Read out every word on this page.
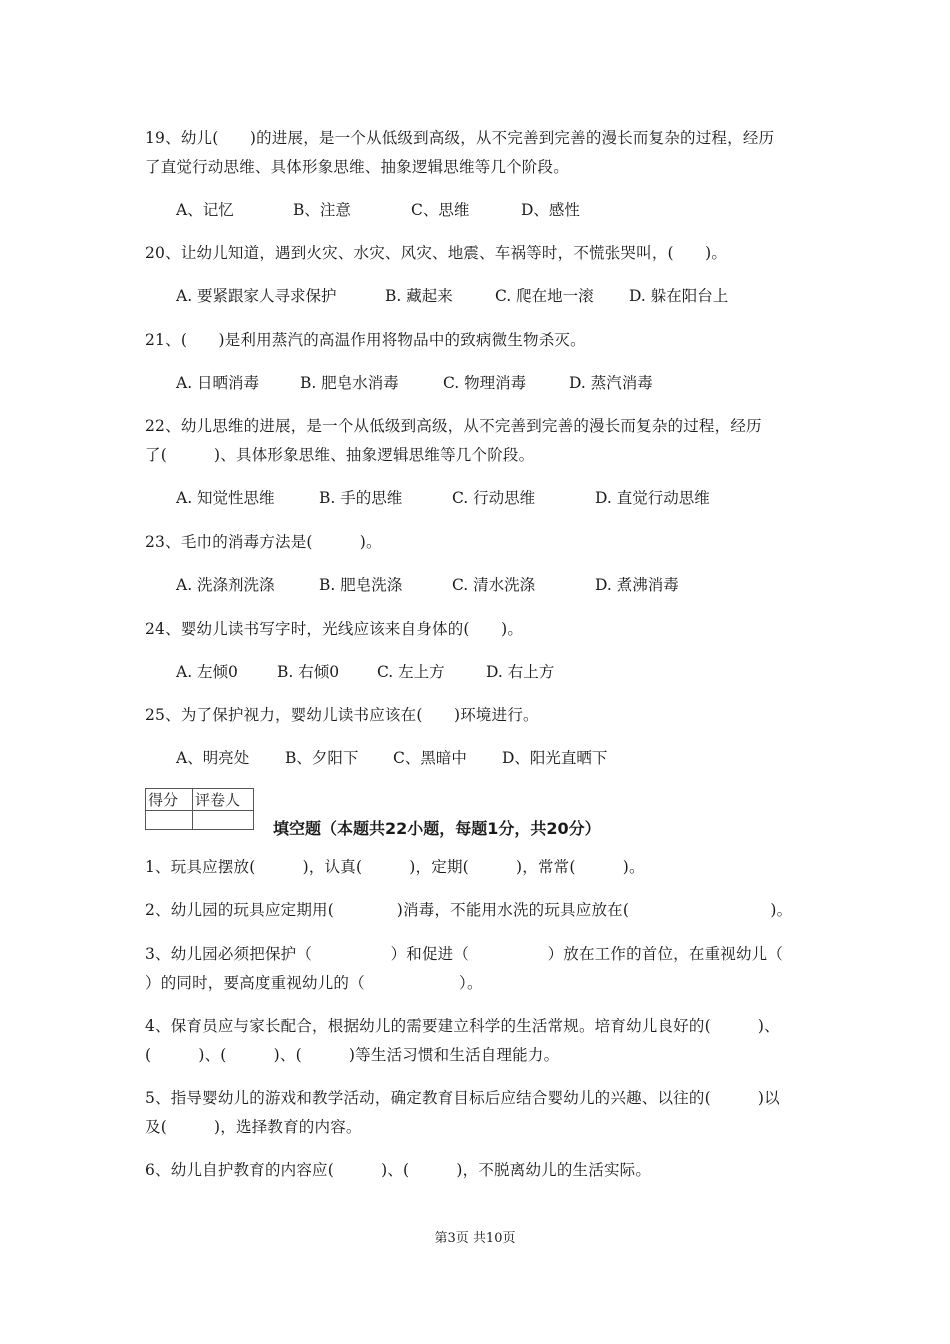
19、幼儿(　　)的进展，是一个从低级到高级，从不完善到完善的漫长而复杂的过程，经历
了直觉行动思维、具体形象思维、抽象逻辑思维等几个阶段。
A、记忆	B、注意	C、思维	D、感性
20、让幼儿知道，遇到火灾、水灾、风灾、地震、车祸等时，不慌张哭叫，(　　)。
A. 要紧跟家人寻求保护	B. 藏起来	C. 爬在地一滚 D. 躲在阳台上
21、(　　)是利用蒸汽的高温作用将物品中的致病微生物杀灭。
A. 日晒消毒	B. 肥皂水消毒	C. 物理消毒	D. 蒸汽消毒
22、幼儿思维的进展，是一个从低级到高级，从不完善到完善的漫长而复杂的过程，经历
了(　　　)、具体形象思维、抽象逻辑思维等几个阶段。
A. 知觉性思维	B. 手的思维	C. 行动思维	D. 直觉行动思维
23、毛巾的消毒方法是(　　　)。
A. 洗涤剂洗涤	B. 肥皂洗涤	C. 清水洗涤	D. 煮沸消毒
24、婴幼儿读书写字时，光线应该来自身体的(　　)。
A. 左倾0	B. 右倾0 C. 左上方	D. 右上方
25、为了保护视力，婴幼儿读书应该在(　　)环境进行。
A、明亮处 B、夕阳下 C、黑暗中 D、阳光直晒下
得分	评卷人

填空题（本题共22小题，每题1分，共20分）
1、玩具应摆放(　　　)，认真(　　　)，定期(　　　)，常常(　　　)。
2、幼儿园的玩具应定期用(　　　　)消毒，不能用水洗的玩具应放在(　　　　　　　　　)。
3、幼儿园必须把保护（　　　　　）和促进（　　　　　）放在工作的首位，在重视幼儿（
）的同时，要高度重视幼儿的（　　　　　　）。
4、保育员应与家长配合，根据幼儿的需要建立科学的生活常规。培育幼儿良好的(　　　)、
(　　　)、(　　　)、(　　　)等生活习惯和生活自理能力。
5、指导婴幼儿的游戏和教学活动，确定教育目标后应结合婴幼儿的兴趣、以往的(　　　)以
及(　　　)，选择教育的内容。
6、幼儿自护教育的内容应(　　　)、(　　　)，不脱离幼儿的生活实际。
第3页 共10页
